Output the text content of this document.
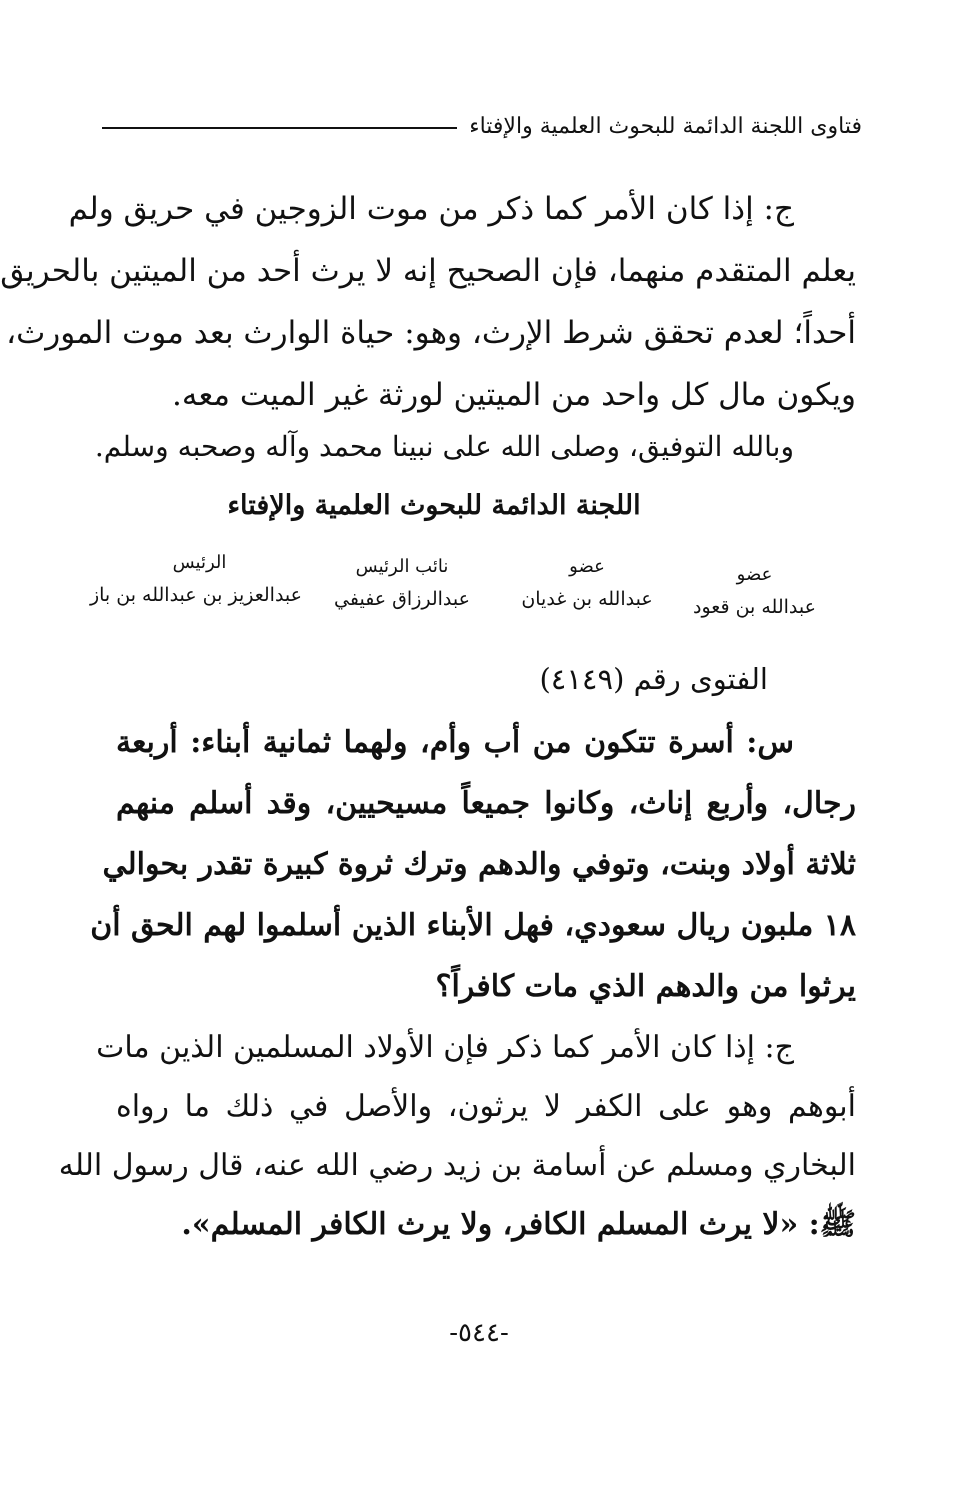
فتاوى اللجنة الدائمة للبحوث العلمية والإفتاء
ج: إذا كان الأمر كما ذكر من موت الزوجين في حريق ولم
يعلم المتقدم منهما، فإن الصحيح إنه لا يرث أحد من الميتين بالحريق
أحداً؛ لعدم تحقق شرط الإرث، وهو: حياة الوارث بعد موت المورث،
ويكون مال كل واحد من الميتين لورثة غير الميت معه.
وبالله التوفيق، وصلى الله على نبينا محمد وآله وصحبه وسلم.
اللجنة الدائمة للبحوث العلمية والإفتاء
عضو
عبدالله بن قعود
عضو
عبدالله بن غديان
نائب الرئيس
عبدالرزاق عفيفي
الرئيس
عبدالعزيز بن عبدالله بن باز
الفتوى رقم (٤١٤٩)
س: أسرة تتكون من أب وأم، ولهما ثمانية أبناء: أربعة
رجال، وأربع إناث، وكانوا جميعاً مسيحيين، وقد أسلم منهم
ثلاثة أولاد وبنت، وتوفي والدهم وترك ثروة كبيرة تقدر بحوالي
١٨ ملبون ريال سعودي، فهل الأبناء الذين أسلموا لهم الحق أن
يرثوا من والدهم الذي مات كافراً؟
ج: إذا كان الأمر كما ذكر فإن الأولاد المسلمين الذين مات
أبوهم وهو على الكفر لا يرثون، والأصل في ذلك ما رواه
البخاري ومسلم عن أسامة بن زيد رضي الله عنه، قال رسول الله
ﷺ: «لا يرث المسلم الكافر، ولا يرث الكافر المسلم».
-٥٤٤-
